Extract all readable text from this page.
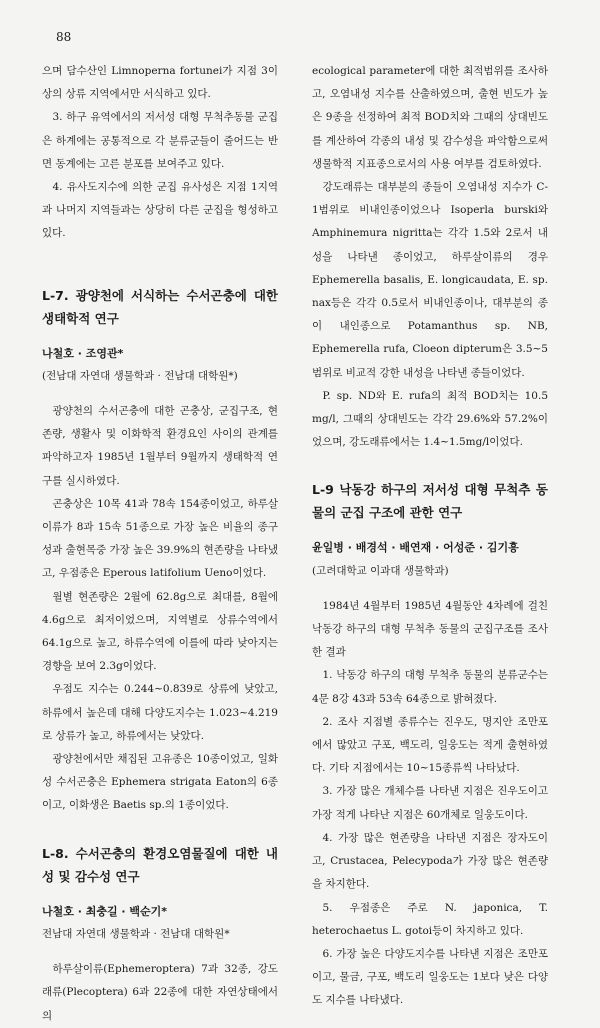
88

으며 담수산인 Limnoperna fortunei가 지점 3이상의 상류 지역에서만 서식하고 있다.

3. 하구 유역에서의 저서성 대형 무척추동물 군집은 하계에는 공통적으로 각 분류군들이 줄어드는 반면 동계에는 고른 분포를 보여주고 있다.

4. 유사도지수에 의한 군집 유사성은 지점 1지역과 나머지 지역들과는 상당히 다른 군집을 형성하고 있다.

L-7. 광양천에 서식하는 수서곤충에 대한 생태학적 연구

나철호 · 조영관*

(전남대 자연대 생물학과 · 전남대 대학원*)

광양천의 수서곤충에 대한 곤충상, 군집구조, 현존량, 생활사 및 이화학적 환경요인 사이의 관계를 파악하고자 1985년 1월부터 9월까지 생태학적 연구를 실시하였다.

곤충상은 10목 41과 78속 154종이었고, 하루살이류가 8과 15속 51종으로 가장 높은 비율의 종구성과 출현목중 가장 높은 39.9%의 현존량을 나타냈고, 우점종은 Eperous latifolium Ueno이었다.

월별 현존량은 2월에 62.8g으로 최대를, 8월에 4.6g으로 최저이었으며, 지역별로 상류수역에서 64.1g으로 높고, 하류수역에 이를에 따라 낮아지는 경향을 보여 2.3g이었다.

우점도 지수는 0.244∼0.839로 상류에 낮았고, 하류에서 높은데 대해 다양도지수는 1.023∼4.219로 상류가 높고, 하류에서는 낮았다.

광양천에서만 채집된 고유종은 10종이었고, 일화성 수서곤충은 Ephemera strigata Eaton의 6종이고, 이화생은 Baetis sp.의 1종이었다.

L-8. 수서곤충의 환경오염물질에 대한 내성 및 감수성 연구

나철호 · 최충길 · 백순기*

전남대 자연대 생물학과 · 전남대 대학원*

하루살이류(Ephemeroptera) 7과 32종, 강도래류(Plecoptera) 6과 22종에 대한 자연상태에서의

ecological parameter에 대한 최적범위를 조사하고, 오염내성 지수를 산출하였으며, 출현 빈도가 높은 9종을 선정하여 최적 BOD치와 그때의 상대빈도를 계산하여 각종의 내성 및 감수성을 파악함으로써 생물학적 지표종으로서의 사용 여부를 검토하였다.

강도래류는 대부분의 종들이 오염내성 지수가 C-1범위로 비내인종이었으나 Isoperla burski와 Amphinemura nigritta는 각각 1.5와 2로서 내성을 나타낸 종이었고, 하루살이류의 경우 Ephemerella basalis, E. longicaudata, E. sp. nax등은 각각 0.5로서 비내인종이나, 대부분의 종이 내인종으로 Potamanthus sp. NB, Ephemerella rufa, Cloeon dipterum은 3.5∼5범위로 비교적 강한 내성을 나타낸 종들이었다.

P. sp. ND와 E. rufa의 최적 BOD치는 10.5 mg/l, 그때의 상대빈도는 각각 29.6%와 57.2%이었으며, 강도래류에서는 1.4∼1.5mg/l이었다.

L-9 낙동강 하구의 저서성 대형 무척추 동물의 군집 구조에 관한 연구

윤일병 · 배경석 · 배연재 · 어성준 · 김기흥

(고려대학교 이과대 생물학과)

1984년 4월부터 1985년 4월동안 4차례에 걸친 낙동강 하구의 대형 무척추 동물의 군집구조를 조사한 결과

1. 낙동강 하구의 대형 무척추 동물의 분류군수는 4문 8강 43과 53속 64종으로 밝혀졌다.

2. 조사 지점별 종류수는 진우도, 명지안 조만포에서 많았고 구포, 백도리, 일웅도는 적게 출현하였다. 기타 지점에서는 10∼15종류씩 나타났다.

3. 가장 많은 개체수를 나타낸 지점은 진우도이고 가장 적게 나타난 지점은 60개체로 일웅도이다.

4. 가장 많은 현존량을 나타낸 지점은 장자도이고, Crustacea, Pelecypoda가 가장 많은 현존량을 차지한다.

5. 우점종은 주로 N. japonica, T. heterochaetus L. gotoi등이 차지하고 있다.

6. 가장 높은 다양도지수를 나타낸 지점은 조만포이고, 물금, 구포, 백도리 일웅도는 1보다 낮은 다양도 지수를 나타냈다.
